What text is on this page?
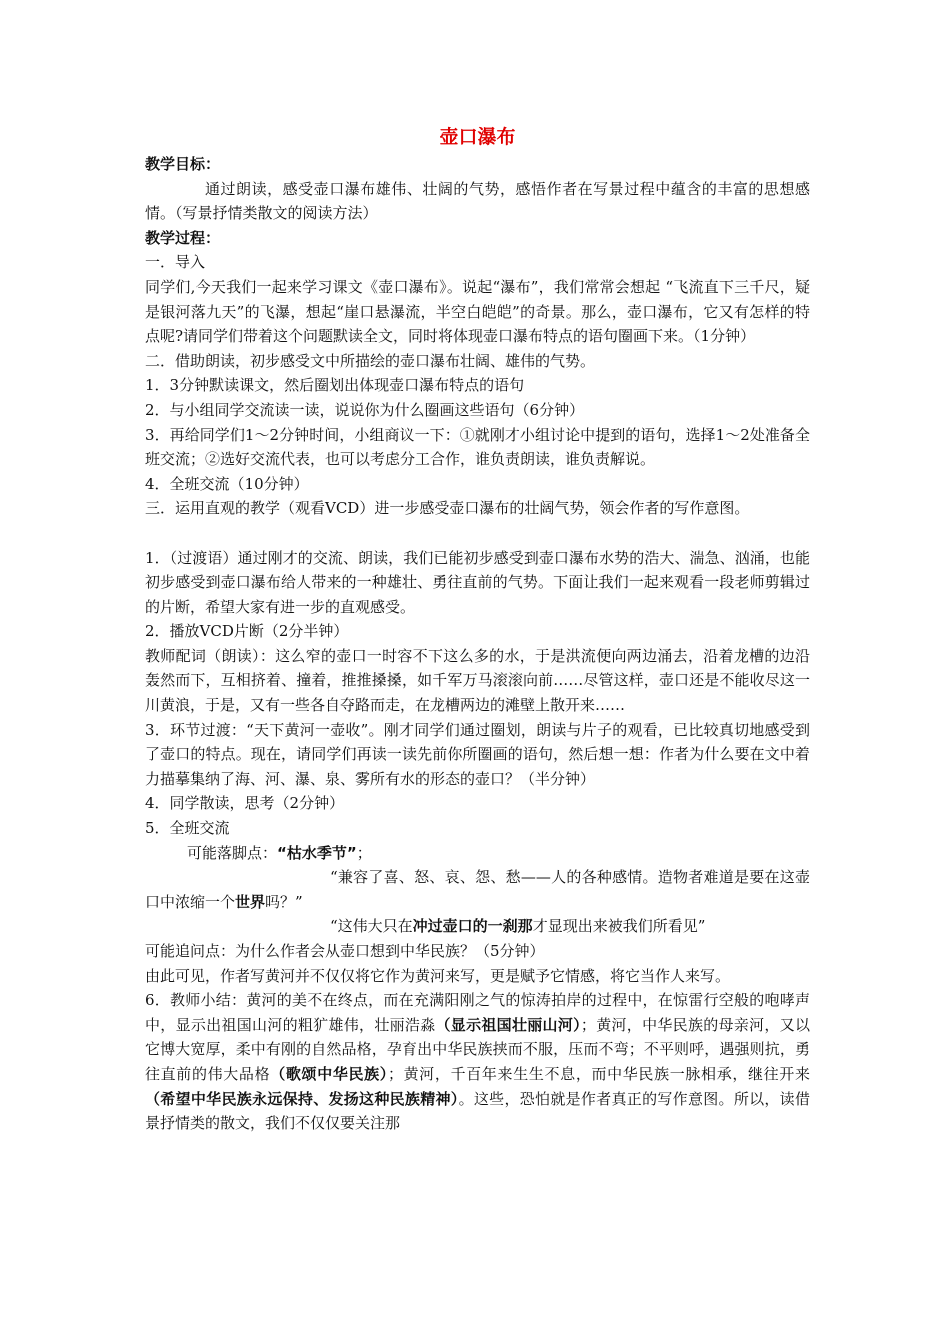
壶口瀑布

教学目标：

通过朗读，感受壶口瀑布雄伟、壮阔的气势，感悟作者在写景过程中蕴含的丰富的思想感情。（写景抒情类散文的阅读方法）

教学过程：

一．导入

同学们,今天我们一起来学习课文《壶口瀑布》。说起“瀑布”，我们常常会想起 “飞流直下三千尺，疑是银河落九天”的飞瀑，想起“崖口悬瀑流，半空白皑皑”的奇景。那么，壶口瀑布，它又有怎样的特点呢?请同学们带着这个问题默读全文，同时将体现壶口瀑布特点的语句圈画下来。（1分钟）

二．借助朗读，初步感受文中所描绘的壶口瀑布壮阔、雄伟的气势。

1．3分钟默读课文，然后圈划出体现壶口瀑布特点的语句

2．与小组同学交流读一读，说说你为什么圈画这些语句（6分钟）

3．再给同学们1～2分钟时间，小组商议一下：①就刚才小组讨论中提到的语句，选择1～2处准备全班交流；②选好交流代表，也可以考虑分工合作，谁负责朗读，谁负责解说。

4．全班交流（10分钟）

三．运用直观的教学（观看VCD）进一步感受壶口瀑布的壮阔气势，领会作者的写作意图。

1．（过渡语）通过刚才的交流、朗读，我们已能初步感受到壶口瀑布水势的浩大、湍急、汹涌，也能初步感受到壶口瀑布给人带来的一种雄壮、勇往直前的气势。下面让我们一起来观看一段老师剪辑过的片断，希望大家有进一步的直观感受。

2．播放VCD片断（2分半钟）

教师配词（朗读）：这么窄的壶口一时容不下这么多的水，于是洪流便向两边涌去，沿着龙槽的边沿轰然而下，互相挤着、撞着，推推搡搡，如千军万马滚滚向前……尽管这样，壶口还是不能收尽这一川黄浪，于是，又有一些各自夺路而走，在龙槽两边的滩壁上散开来……

3．环节过渡：“天下黄河一壶收”。刚才同学们通过圈划，朗读与片子的观看，已比较真切地感受到了壶口的特点。现在，请同学们再读一读先前你所圈画的语句，然后想一想：作者为什么要在文中着力描摹集纳了海、河、瀑、泉、雾所有水的形态的壶口？（半分钟）

4．同学散读，思考（2分钟）

5．全班交流

可能落脚点：“枯水季节”；

“兼容了喜、怒、哀、怨、愁——人的各种感情。造物者难道是要在这壶口中浓缩一个世界吗？”

“这伟大只在冲过壶口的一刹那才显现出来被我们所看见”

可能追问点：为什么作者会从壶口想到中华民族？（5分钟）

由此可见，作者写黄河并不仅仅将它作为黄河来写，更是赋予它情感，将它当作人来写。

6．教师小结：黄河的美不在终点，而在充满阳刚之气的惊涛拍岸的过程中，在惊雷行空般的咆哮声中，显示出祖国山河的粗犷雄伟，壮丽浩淼（显示祖国壮丽山河）；黄河，中华民族的母亲河，又以它博大宽厚，柔中有刚的自然品格，孕育出中华民族挟而不服，压而不弯；不平则呼，遇强则抗，勇往直前的伟大品格（歌颂中华民族）；黄河，千百年来生生不息，而中华民族一脉相承，继往开来（希望中华民族永远保持、发扬这种民族精神）。这些，恐怕就是作者真正的写作意图。所以，读借景抒情类的散文，我们不仅仅要关注那
